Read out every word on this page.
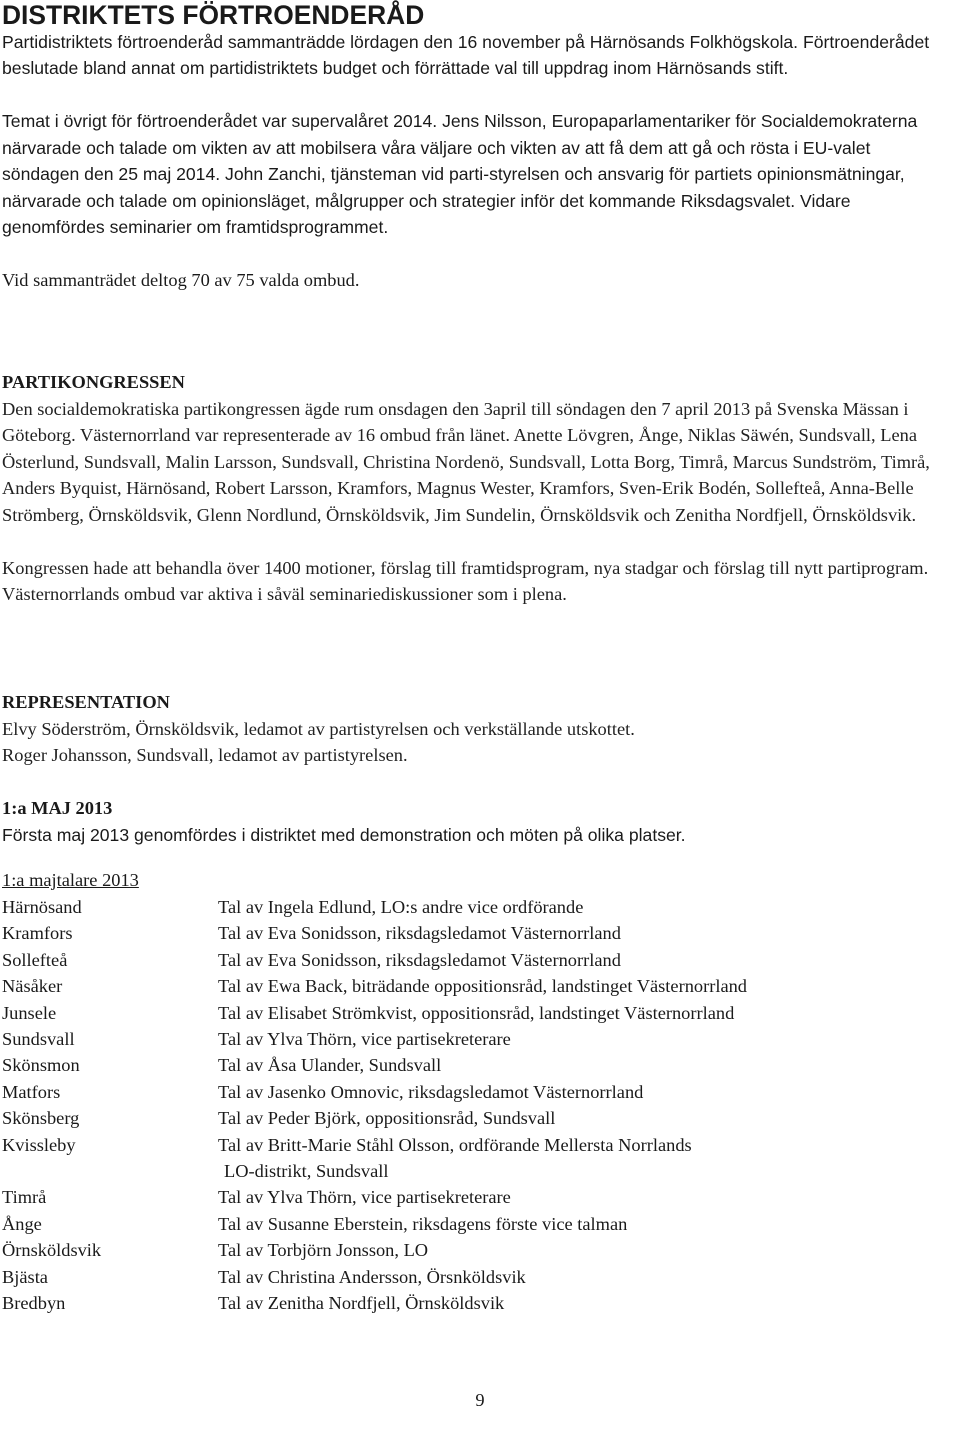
DISTRIKTETS FÖRTROENDERÅD

Partidistriktets förtroenderåd sammanträdde lördagen den 16 november på Härnösands Folkhögskola. Förtroenderådet beslutade bland annat om partidistriktets budget och förrättade val till uppdrag inom Härnösands stift.

Temat i övrigt för förtroenderådet var supervalåret 2014. Jens Nilsson, Europaparlamentariker för Socialdemokraterna närvarade och talade om vikten av att mobilsera våra väljare och vikten av att få dem att gå och rösta i EU-valet söndagen den 25 maj 2014. John Zanchi, tjänsteman vid parti-styrelsen och ansvarig för partiets opinionsmätningar, närvarade och talade om opinionsläget, målgrupper och strategier inför det kommande Riksdagsvalet. Vidare genomfördes seminarier om framtidsprogrammet.

Vid sammanträdet deltog 70 av 75 valda ombud.

PARTIKONGRESSEN

Den socialdemokratiska partikongressen ägde rum onsdagen den 3april till söndagen den 7 april 2013 på Svenska Mässan i Göteborg. Västernorrland var representerade av 16 ombud från länet. Anette Lövgren, Ånge, Niklas Säwén, Sundsvall, Lena Österlund, Sundsvall, Malin Larsson, Sundsvall, Christina Nordenö, Sundsvall, Lotta Borg, Timrå, Marcus Sundström, Timrå, Anders Byquist, Härnösand, Robert Larsson, Kramfors, Magnus Wester, Kramfors, Sven-Erik Bodén, Sollefteå, Anna-Belle Strömberg, Örnsköldsvik, Glenn Nordlund, Örnsköldsvik, Jim Sundelin, Örnsköldsvik och Zenitha Nordfjell, Örnsköldsvik.

Kongressen hade att behandla över 1400 motioner, förslag till framtidsprogram, nya stadgar och förslag till nytt partiprogram. Västernorrlands ombud var aktiva i såväl seminariediskussioner som i plena.

REPRESENTATION

Elvy Söderström, Örnsköldsvik, ledamot av partistyrelsen och verkställande utskottet.

Roger Johansson, Sundsvall, ledamot av partistyrelsen.

1:a MAJ 2013

Första maj 2013 genomfördes i distriktet med demonstration och möten på olika platser.

1:a majtalare 2013
Härnösand	Tal av Ingela Edlund, LO:s andre vice ordförande
Kramfors	Tal av Eva Sonidsson, riksdagsledamot Västernorrland
Sollefteå	Tal av Eva Sonidsson, riksdagsledamot Västernorrland
Näsåker	Tal av Ewa Back, biträdande oppositionsråd, landstinget Västernorrland
Junsele	Tal av Elisabet Strömkvist, oppositionsråd, landstinget Västernorrland
Sundsvall	Tal av Ylva Thörn, vice partisekreterare
Skönsmon	Tal av Åsa Ulander, Sundsvall
Matfors	Tal av Jasenko Omnovic, riksdagsledamot Västernorrland
Skönsberg	Tal av Peder Björk, oppositionsråd, Sundsvall
Kvissleby	Tal av Britt-Marie Ståhl Olsson, ordförande Mellersta Norrlands
	LO-distrikt, Sundsvall
Timrå	Tal av Ylva Thörn, vice partisekreterare
Ånge	Tal av Susanne Eberstein, riksdagens förste vice talman
Örnsköldsvik	Tal av Torbjörn Jonsson, LO
Bjästa	Tal av Christina Andersson, Örsnköldsvik
Bredbyn	Tal av Zenitha Nordfjell, Örnsköldsvik
9
